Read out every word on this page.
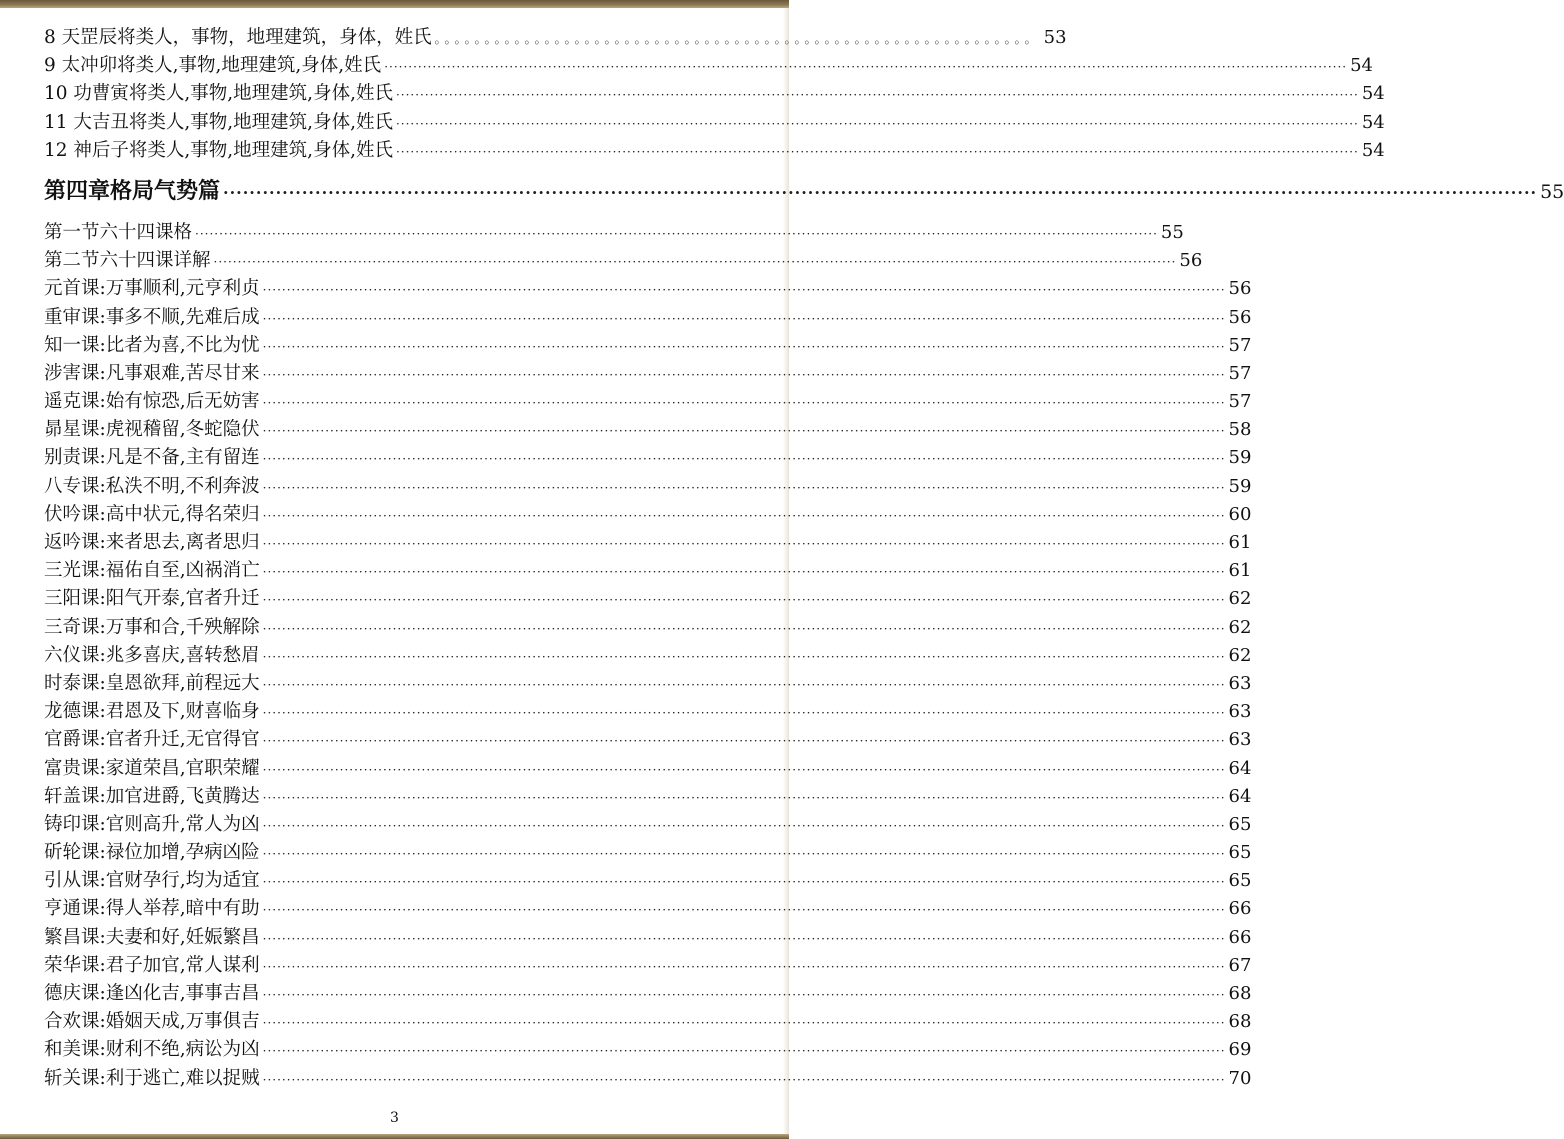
8 天罡辰将类人，事物，地理建筑，身体，姓氏 。。。。。。。。。。。。。。。。。。。。。。。。。。。。。。。。。。。。。。。。。。。。。。。。。。。。。。。。。。。。 53
9 太冲卯将类人,事物,地理建筑,身体,姓氏 ········································································································································································································ 54
10 功曹寅将类人,事物,地理建筑,身体,姓氏 ········································································································································································································ 54
11 大吉丑将类人,事物,地理建筑,身体,姓氏 ········································································································································································································ 54
12 神后子将类人,事物,地理建筑,身体,姓氏 ········································································································································································································ 54
第四章格局气势篇 ········································································································································································································ 55
第一节六十四课格 ········································································································································································································ 55
第二节六十四课详解 ········································································································································································································ 56
元首课:万事顺利,元亨利贞 ········································································································································································································ 56
重审课:事多不顺,先难后成 ········································································································································································································ 56
知一课:比者为喜,不比为忧 ········································································································································································································ 57
涉害课:凡事艰难,苦尽甘来 ········································································································································································································ 57
遥克课:始有惊恐,后无妨害 ········································································································································································································ 57
昴星课:虎视稽留,冬蛇隐伏 ········································································································································································································ 58
别责课:凡是不备,主有留连 ········································································································································································································ 59
八专课:私泆不明,不利奔波 ········································································································································································································ 59
伏吟课:高中状元,得名荣归 ········································································································································································································ 60
返吟课:来者思去,离者思归 ········································································································································································································ 61
三光课:福佑自至,凶祸消亡 ········································································································································································································ 61
三阳课:阳气开泰,官者升迁 ········································································································································································································ 62
三奇课:万事和合,千殃解除 ········································································································································································································ 62
六仪课:兆多喜庆,喜转愁眉 ········································································································································································································ 62
时泰课:皇恩欲拜,前程远大 ········································································································································································································ 63
龙德课:君恩及下,财喜临身 ········································································································································································································ 63
官爵课:官者升迁,无官得官 ········································································································································································································ 63
富贵课:家道荣昌,官职荣耀 ········································································································································································································ 64
轩盖课:加官进爵,飞黄腾达 ········································································································································································································ 64
铸印课:官则高升,常人为凶 ········································································································································································································ 65
斫轮课:禄位加增,孕病凶险 ········································································································································································································ 65
引从课:官财孕行,均为适宜 ········································································································································································································ 65
亨通课:得人举荐,暗中有助 ········································································································································································································ 66
繁昌课:夫妻和好,妊娠繁昌 ········································································································································································································ 66
荣华课:君子加官,常人谋利 ········································································································································································································ 67
德庆课:逢凶化吉,事事吉昌 ········································································································································································································ 68
合欢课:婚姻天成,万事俱吉 ········································································································································································································ 68
和美课:财利不绝,病讼为凶 ········································································································································································································ 69
斩关课:利于逃亡,难以捉贼 ········································································································································································································ 70
3
